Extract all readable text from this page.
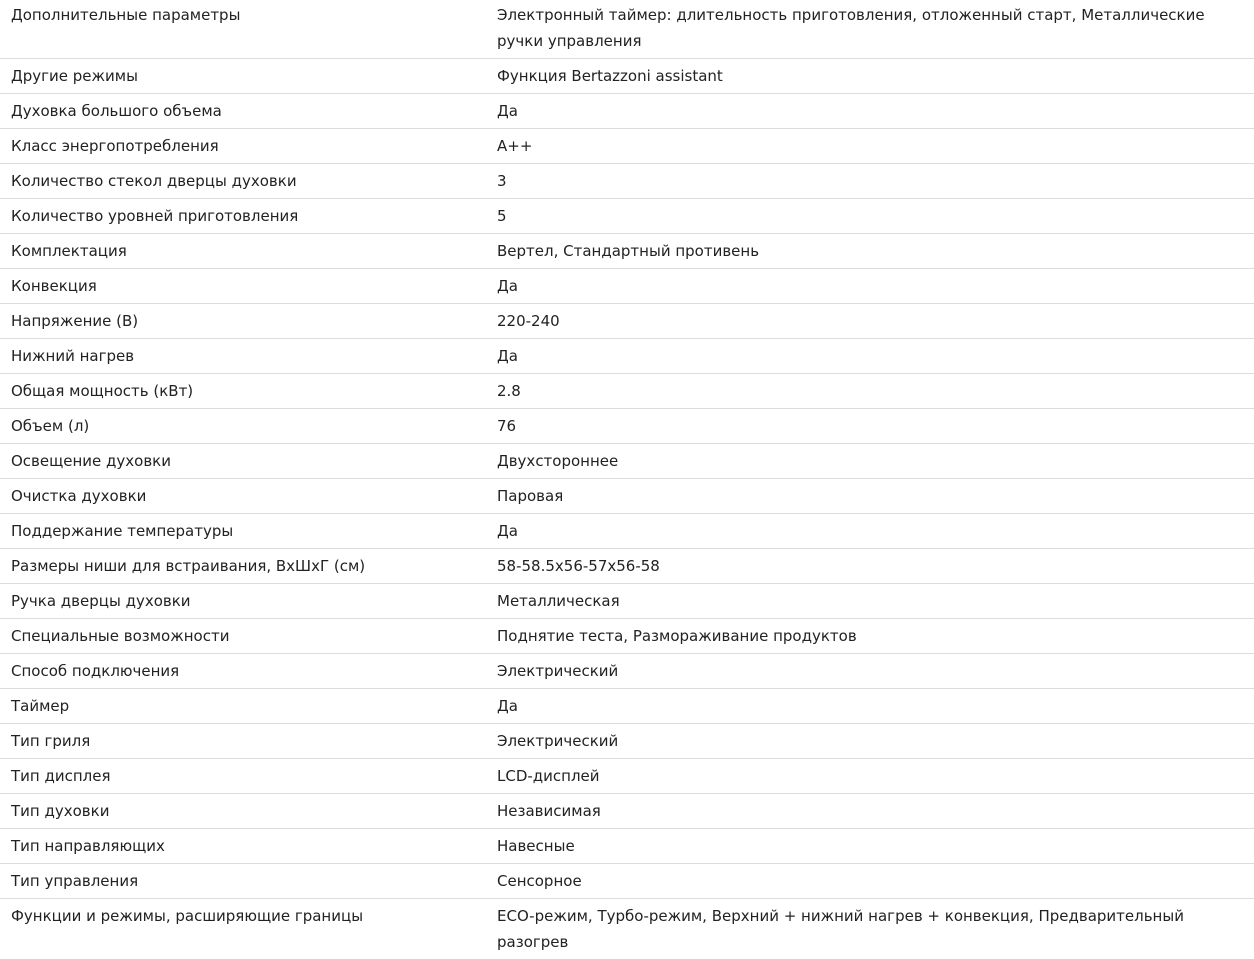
Дополнительные параметры	Электронный таймер: длительность приготовления, отложенный старт, Металлические ручки управления
Другие режимы	Функция Bertazzoni assistant
Духовка большого объема	Да
Класс энергопотребления	A++
Количество стекол дверцы духовки	3
Количество уровней приготовления	5
Комплектация	Вертел, Стандартный противень
Конвекция	Да
Напряжение (В)	220-240
Нижний нагрев	Да
Общая мощность (кВт)	2.8
Объем (л)	76
Освещение духовки	Двухстороннее
Очистка духовки	Паровая
Поддержание температуры	Да
Размеры ниши для встраивания, ВхШхГ (см)	58-58.5x56-57x56-58
Ручка дверцы духовки	Металлическая
Специальные возможности	Поднятие теста, Размораживание продуктов
Способ подключения	Электрический
Таймер	Да
Тип гриля	Электрический
Тип дисплея	LCD-дисплей
Тип духовки	Независимая
Тип направляющих	Навесные
Тип управления	Сенсорное
Функции и режимы, расширяющие границы	ECO-режим, Турбо-режим, Верхний + нижний нагрев + конвекция, Предварительный разогрев
